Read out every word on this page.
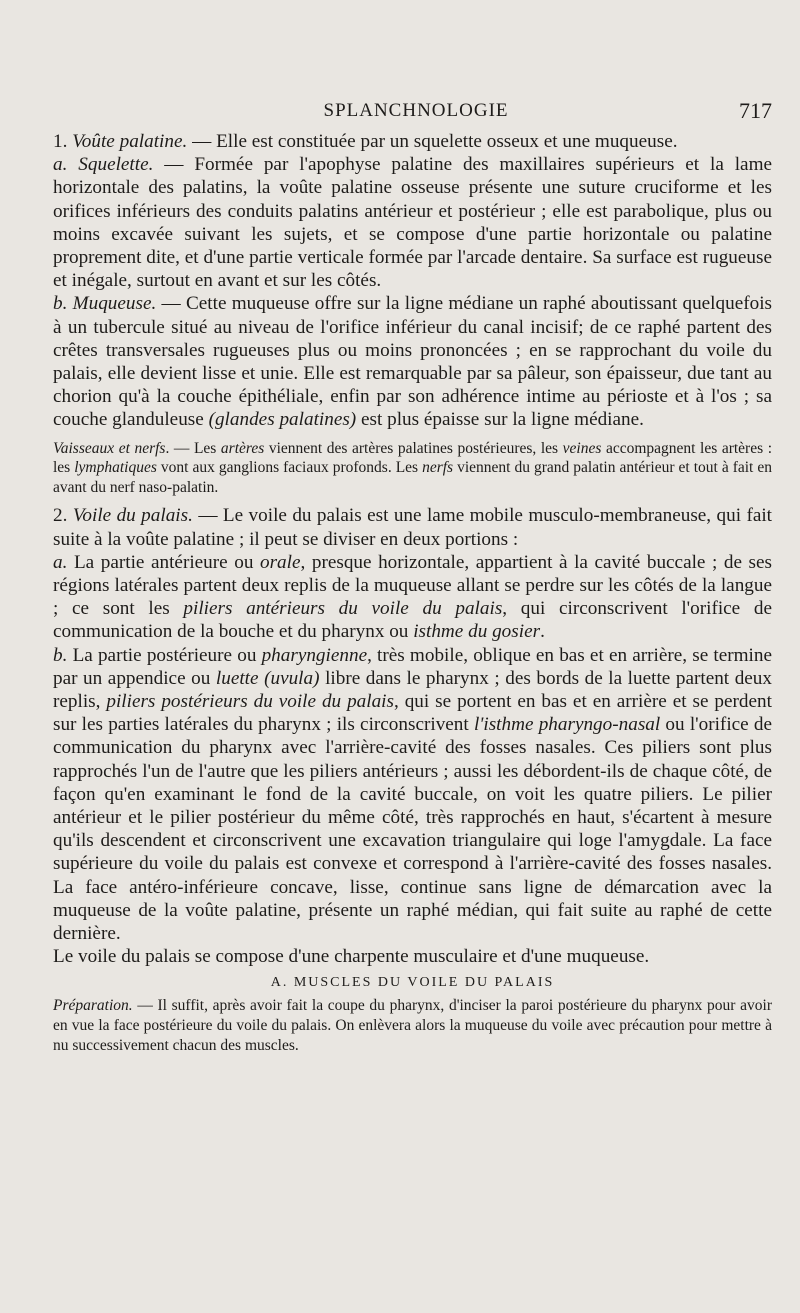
SPLANCHNOLOGIE	717

1. Voûte palatine. — Elle est constituée par un squelette osseux et une muqueuse.

a. Squelette. — Formée par l'apophyse palatine des maxillaires supérieurs et la lame horizontale des palatins, la voûte palatine osseuse présente une suture cruciforme et les orifices inférieurs des conduits palatins antérieur et postérieur ; elle est parabolique, plus ou moins excavée suivant les sujets, et se compose d'une partie horizontale ou palatine proprement dite, et d'une partie verticale formée par l'arcade dentaire. Sa surface est rugueuse et inégale, surtout en avant et sur les côtés.

b. Muqueuse. — Cette muqueuse offre sur la ligne médiane un raphé aboutissant quelquefois à un tubercule situé au niveau de l'orifice inférieur du canal incisif; de ce raphé partent des crêtes transversales rugueuses plus ou moins prononcées ; en se rapprochant du voile du palais, elle devient lisse et unie. Elle est remarquable par sa pâleur, son épaisseur, due tant au chorion qu'à la couche épithéliale, enfin par son adhérence intime au périoste et à l'os ; sa couche glanduleuse (glandes palatines) est plus épaisse sur la ligne médiane.

Vaisseaux et nerfs. — Les artères viennent des artères palatines postérieures, les veines accompagnent les artères : les lymphatiques vont aux ganglions faciaux profonds. Les nerfs viennent du grand palatin antérieur et tout à fait en avant du nerf naso-palatin.

2. Voile du palais. — Le voile du palais est une lame mobile musculo-membraneuse, qui fait suite à la voûte palatine ; il peut se diviser en deux portions :

a. La partie antérieure ou orale, presque horizontale, appartient à la cavité buccale ; de ses régions latérales partent deux replis de la muqueuse allant se perdre sur les côtés de la langue ; ce sont les piliers antérieurs du voile du palais, qui circonscrivent l'orifice de communication de la bouche et du pharynx ou isthme du gosier.

b. La partie postérieure ou pharyngienne, très mobile, oblique en bas et en arrière, se termine par un appendice ou luette (uvula) libre dans le pharynx ; des bords de la luette partent deux replis, piliers postérieurs du voile du palais, qui se portent en bas et en arrière et se perdent sur les parties latérales du pharynx ; ils circonscrivent l'isthme pharyngo-nasal ou l'orifice de communication du pharynx avec l'arrière-cavité des fosses nasales. Ces piliers sont plus rapprochés l'un de l'autre que les piliers antérieurs ; aussi les débordent-ils de chaque côté, de façon qu'en examinant le fond de la cavité buccale, on voit les quatre piliers. Le pilier antérieur et le pilier postérieur du même côté, très rapprochés en haut, s'écartent à mesure qu'ils descendent et circonscrivent une excavation triangulaire qui loge l'amygdale. La face supérieure du voile du palais est convexe et correspond à l'arrière-cavité des fosses nasales. La face antéro-inférieure concave, lisse, continue sans ligne de démarcation avec la muqueuse de la voûte palatine, présente un raphé médian, qui fait suite au raphé de cette dernière.

Le voile du palais se compose d'une charpente musculaire et d'une muqueuse.

A. MUSCLES DU VOILE DU PALAIS

Préparation. — Il suffit, après avoir fait la coupe du pharynx, d'inciser la paroi postérieure du pharynx pour avoir en vue la face postérieure du voile du palais. On enlèvera alors la muqueuse du voile avec précaution pour mettre à nu successivement chacun des muscles.
